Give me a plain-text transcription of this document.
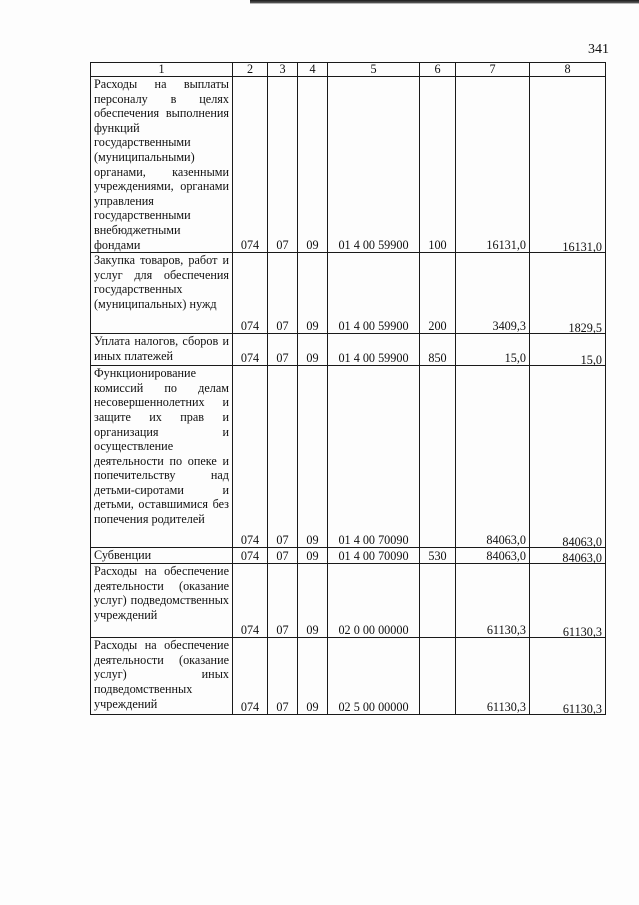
341
1	2	3	4	5	6	7	8
Расходы на выплаты персоналу в целях обеспечения выполнения функций государственными (муниципальными) органами, казенными учреждениями, органами управления государственными внебюджетными фондами	074	07	09	01 4 00 59900	100	16131,0	16131,0
Закупка товаров, работ и услуг для обеспечения государственных (муниципальных) нужд	074	07	09	01 4 00 59900	200	3409,3	1829,5
Уплата налогов, сборов и иных платежей	074	07	09	01 4 00 59900	850	15,0	15,0
Функционирование комиссий по делам несовершеннолетних и защите их прав и организация и осуществление деятельности по опеке и попечительству над детьми-сиротами и детьми, оставшимися без попечения родителей	074	07	09	01 4 00 70090		84063,0	84063,0
Субвенции	074	07	09	01 4 00 70090	530	84063,0	84063,0
Расходы на обеспечение деятельности (оказание услуг) подведомственных учреждений	074	07	09	02 0 00 00000		61130,3	61130,3
Расходы на обеспечение деятельности (оказание услуг) иных подведомственных учреждений	074	07	09	02 5 00 00000		61130,3	61130,3
